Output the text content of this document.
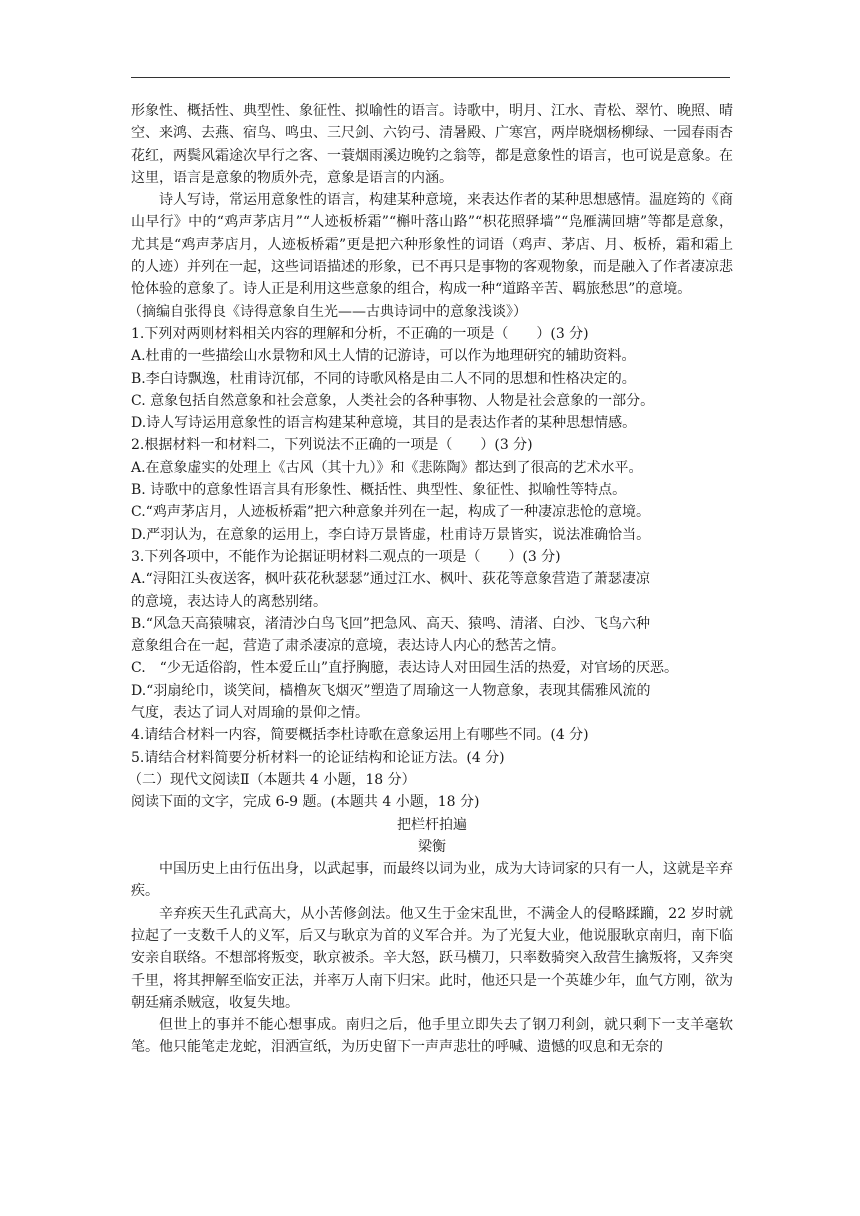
形象性、概括性、典型性、象征性、拟喻性的语言。诗歌中，明月、江水、青松、翠竹、晚照、晴空、来鸿、去燕、宿鸟、鸣虫、三尺剑、六钧弓、清暑殿、广寒宫，两岸晓烟杨柳绿、一园春雨杏花红，两鬓风霜途次早行之客、一蓑烟雨溪边晚钓之翁等，都是意象性的语言，也可说是意象。在这里，语言是意象的物质外壳，意象是语言的内涵。

诗人写诗，常运用意象性的语言，构建某种意境，来表达作者的某种思想感情。温庭筠的《商山早行》中的“鸡声茅店月”“人迹板桥霜”“槲叶落山路”“枳花照驿墙”“凫雁满回塘”等都是意象，尤其是“鸡声茅店月，人迹板桥霜”更是把六种形象性的词语（鸡声、茅店、月、板桥，霜和霜上的人迹）并列在一起，这些词语描述的形象，已不再只是事物的客观物象，而是融入了作者凄凉悲怆体验的意象了。诗人正是利用这些意象的组合，构成一种“道路辛苦、羁旅愁思”的意境。

（摘编自张得良《诗得意象自生光——古典诗词中的意象浅谈》）

1.下列对两则材料相关内容的理解和分析，不正确的一项是（　　）(3 分)

A.杜甫的一些描绘山水景物和风土人情的记游诗，可以作为地理研究的辅助资料。

B.李白诗飘逸，杜甫诗沉郁，不同的诗歌风格是由二人不同的思想和性格决定的。

C. 意象包括自然意象和社会意象，人类社会的各种事物、人物是社会意象的一部分。

D.诗人写诗运用意象性的语言构建某种意境，其目的是表达作者的某种思想情感。

2.根据材料一和材料二，下列说法不正确的一项是（　　）(3 分)

A.在意象虚实的处理上《古风（其十九）》和《悲陈陶》都达到了很高的艺术水平。

B. 诗歌中的意象性语言具有形象性、概括性、典型性、象征性、拟喻性等特点。

C.“鸡声茅店月，人迹板桥霜”把六种意象并列在一起，构成了一种凄凉悲怆的意境。

D.严羽认为，在意象的运用上，李白诗万景皆虚，杜甫诗万景皆实，说法准确恰当。

3.下列各项中，不能作为论据证明材料二观点的一项是（　　）(3 分)

A.“浔阳江头夜送客，枫叶荻花秋瑟瑟”通过江水、枫叶、荻花等意象营造了萧瑟凄凉

的意境，表达诗人的离愁别绪。

B.“风急天高猿啸哀，渚清沙白鸟飞回”把急风、高天、猿鸣、清渚、白沙、飞鸟六种

意象组合在一起，营造了肃杀凄凉的意境，表达诗人内心的愁苦之情。

C.　“少无适俗韵，性本爱丘山”直抒胸臆，表达诗人对田园生活的热爱，对官场的厌恶。

D.“羽扇纶巾，谈笑间，樯橹灰飞烟灭”塑造了周瑜这一人物意象，表现其儒雅风流的

气度，表达了词人对周瑜的景仰之情。

4.请结合材料一内容，简要概括李杜诗歌在意象运用上有哪些不同。(4 分)

5.请结合材料简要分析材料一的论证结构和论证方法。(4 分)

（二）现代文阅读Ⅱ（本题共 4 小题，18 分）

阅读下面的文字，完成 6-9 题。(本题共 4 小题，18 分)

把栏杆拍遍

梁衡

中国历史上由行伍出身，以武起事，而最终以词为业，成为大诗词家的只有一人，这就是辛弃疾。

辛弃疾天生孔武高大，从小苦修剑法。他又生于金宋乱世，不满金人的侵略蹂躏，22 岁时就拉起了一支数千人的义军，后又与耿京为首的义军合并。为了光复大业，他说服耿京南归，南下临安亲自联络。不想部将叛变，耿京被杀。辛大怒，跃马横刀，只率数骑突入敌营生擒叛将，又奔突千里，将其押解至临安正法，并率万人南下归宋。此时，他还只是一个英雄少年，血气方刚，欲为朝廷痛杀贼寇，收复失地。

但世上的事并不能心想事成。南归之后，他手里立即失去了钢刀利剑，就只剩下一支羊毫软笔。他只能笔走龙蛇，泪洒宣纸，为历史留下一声声悲壮的呼喊、遗憾的叹息和无奈的
